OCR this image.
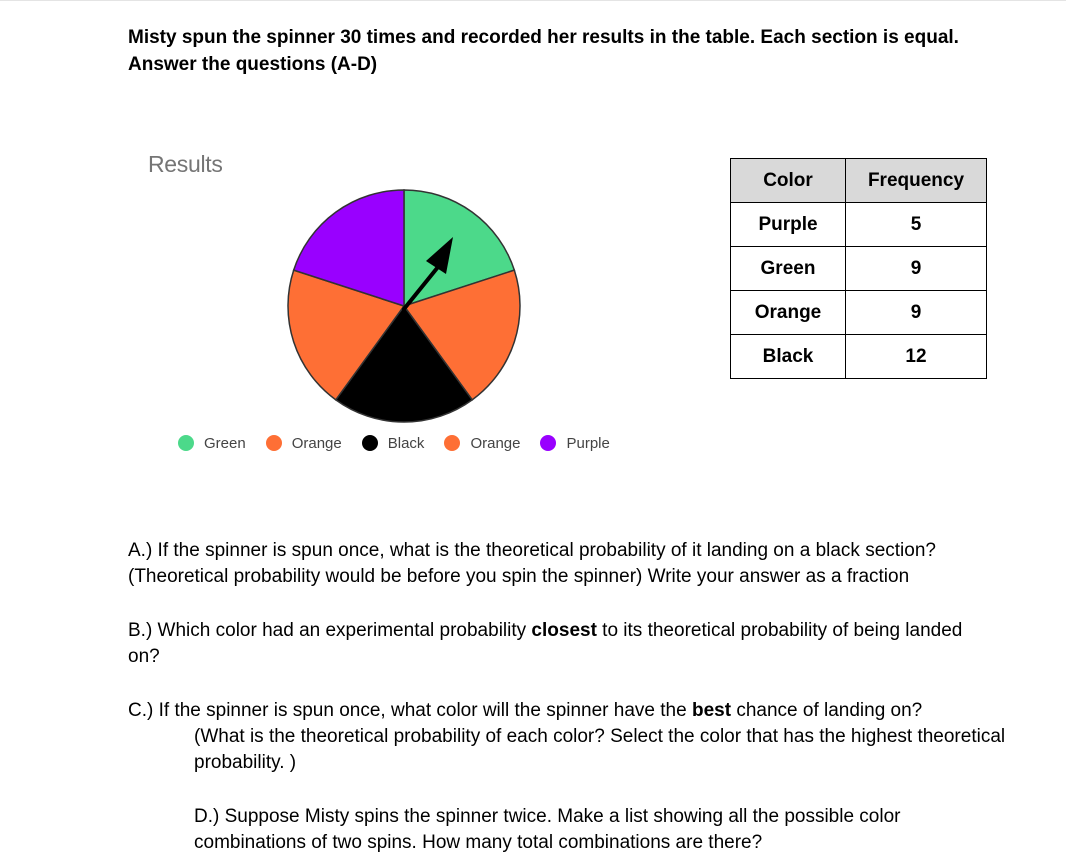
Misty spun the spinner 30 times and recorded her results in the table. Each section is equal. Answer the questions (A-D)

Results

Green	Orange	Black	Orange	Purple
Color	Frequency
Purple	5
Green	9
Orange	9
Black	12

A.) If the spinner is spun once, what is the theoretical probability of it landing on a black section?
(Theoretical probability would be before you spin the spinner) Write your answer as a fraction

B.) Which color had an experimental probability closest to its theoretical probability of being landed on?

C.) If the spinner is spun once, what color will the spinner have the best chance of landing on?
(What is the theoretical probability of each color? Select the color that has the highest theoretical probability. )

D.) Suppose Misty spins the spinner twice. Make a list showing all the possible color combinations of two spins. How many total combinations are there?
